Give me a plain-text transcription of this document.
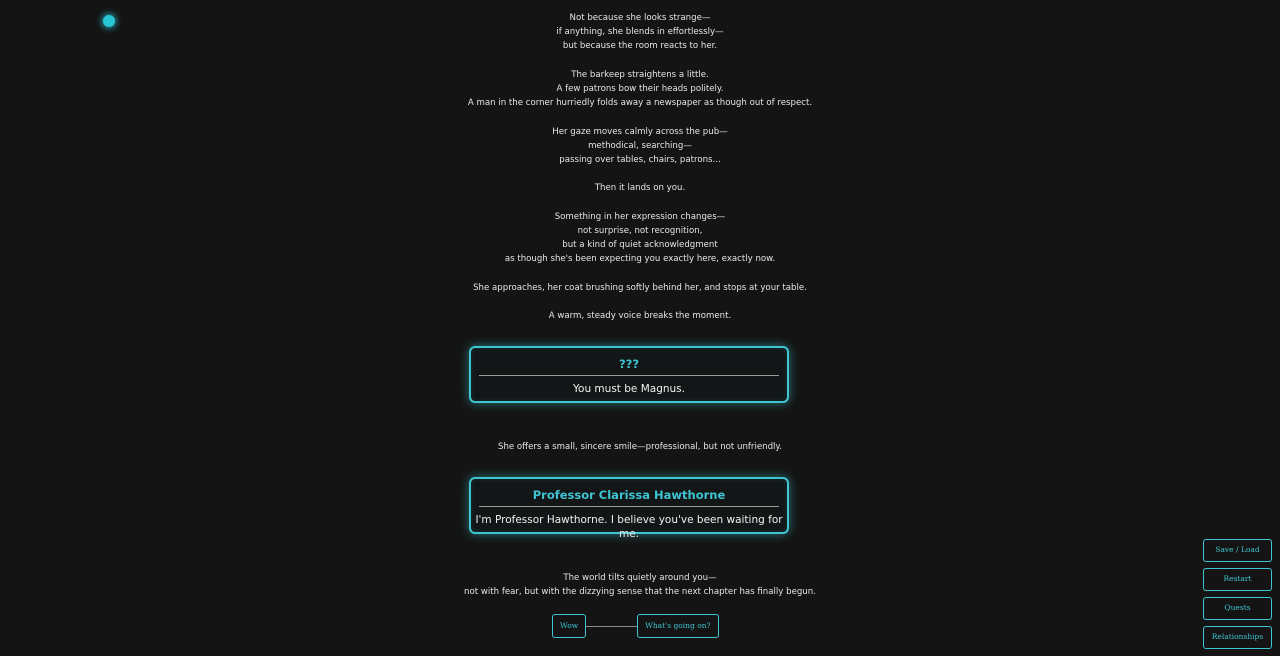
Not because she looks strange—
if anything, she blends in effortlessly—
but because the room reacts to her.
The barkeep straightens a little.
A few patrons bow their heads politely.
A man in the corner hurriedly folds away a newspaper as though out of respect.
Her gaze moves calmly across the pub—
methodical, searching—
passing over tables, chairs, patrons...
Then it lands on you.
Something in her expression changes—
not surprise, not recognition,
but a kind of quiet acknowledgment
as though she's been expecting you exactly here, exactly now.
She approaches, her coat brushing softly behind her, and stops at your table.
A warm, steady voice breaks the moment.
???
You must be Magnus.
She offers a small, sincere smile—professional, but not unfriendly.
Professor Clarissa Hawthorne
I'm Professor Hawthorne. I believe you've been waiting for me.
The world tilts quietly around you—
not with fear, but with the dizzying sense that the next chapter has finally begun.
Wow	What's going on?
Save / Load
Restart
Quests
Relationships
